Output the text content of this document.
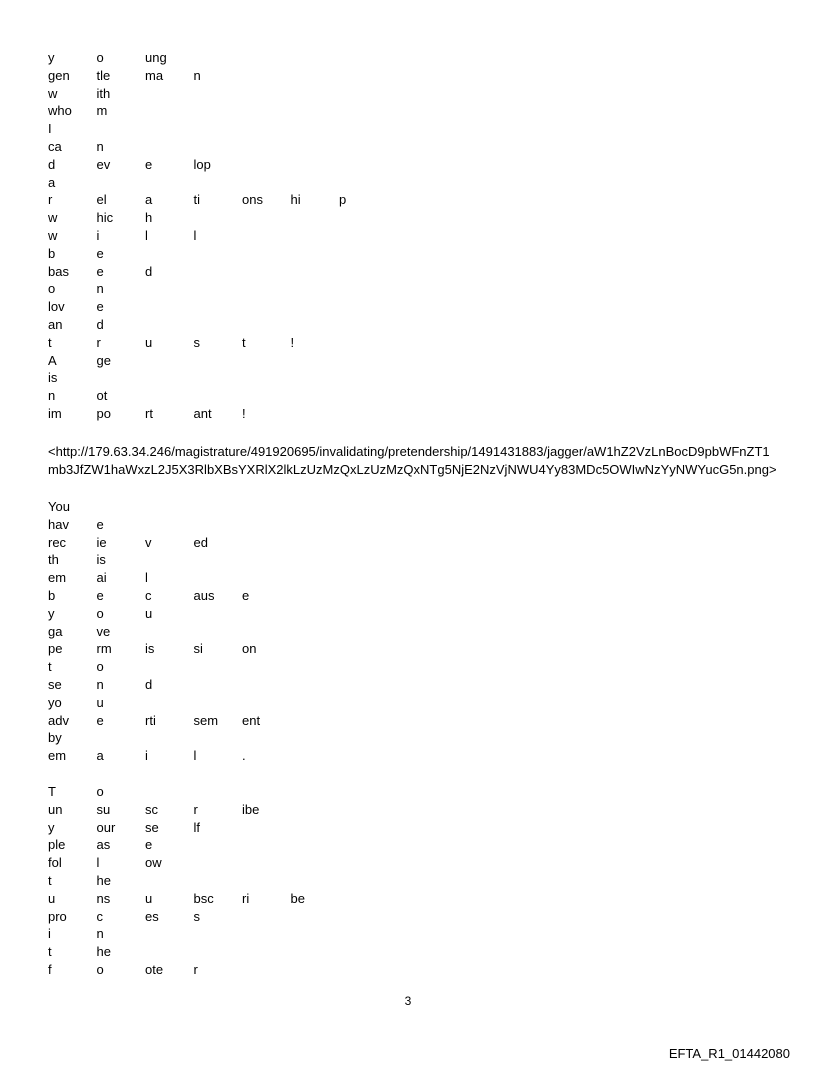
y	o	ung				
gen	tle	ma	n			
w	ith					
who	m					
I						
ca	n					
d	ev	e	lop			
a						
r	el	a	ti	ons	hi	p
w	hic	h				
w	i	l	l			
b	e					
bas	e	d				
o	n					
lov	e					
an	d					
t	r	u	s	t	!	
A	ge					
is						
n	ot					
im	po	rt	ant	!		
<http://179.63.34.246/magistrature/491920695/invalidating/pretendership/1491431883/jagger/aW1hZ2VzLnBocD9pbWFnZT1mb3JfZW1haWxzL2J5X3RlbXBsYXRlX2lkLzUzMzQxLzUzMzQxNTg5NjE2NzVjNWU4Yy83MDc5OWIwNzYyNWYucG5n.png>
You						
hav	e					
rec	ie	v	ed			
th	is					
em	ai	l				
b	e	c	aus	e		
y	o	u				
ga	ve					
pe	rm	is	si	on		
t	o					
se	n	d				
yo	u					
adv	e	rti	sem	ent		
by						
em	a	i	l	.		
T	o					
un	su	sc	r	ibe		
y	our	se	lf			
ple	as	e				
fol	l	ow				
t	he					
u	ns	u	bsc	ri	be	
pro	c	es	s			
i	n					
t	he					
f	o	ote	r			
3
EFTA_R1_01442080
